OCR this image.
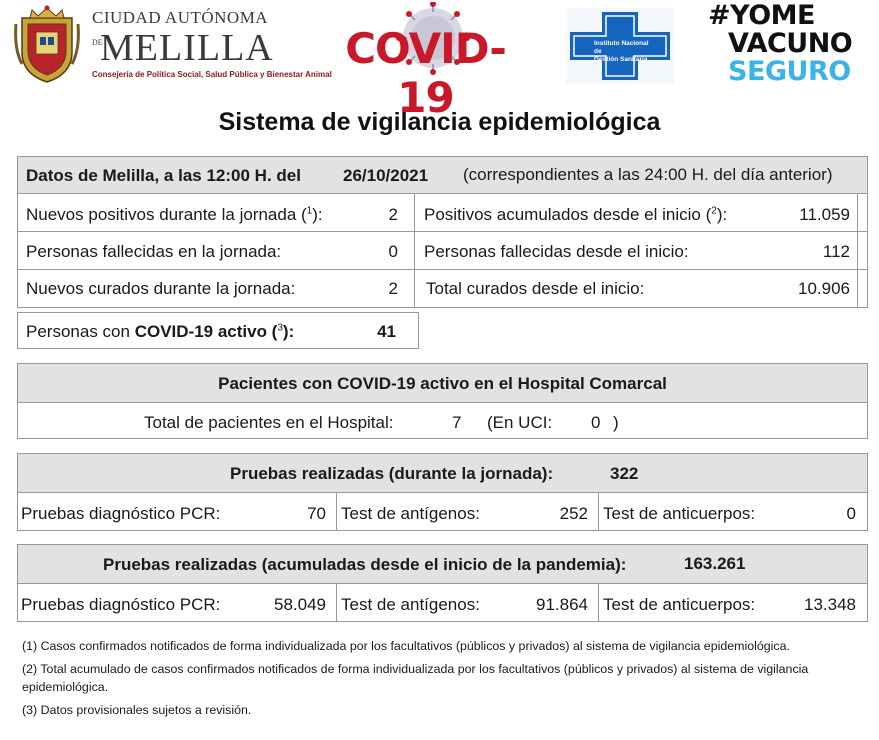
CIUDAD AUTÓNOMA
DE
MELILLA
Consejería de Política Social, Salud Pública y Bienestar Animal
COVID-19
Instituto Nacional de
Gestión Sanitaria
#YOME
VACUNO
SEGURO
Sistema de vigilancia epidemiológica
Datos de Melilla, a las 12:00 H. del 26/10/2021 (correspondientes a las 24:00 H. del día anterior)
Nuevos positivos durante la jornada ($^1$):	2 Positivos acumulados desde el inicio ($^2$):	11.059
Personas fallecidas en la jornada:	0 Personas fallecidas desde el inicio:	112
Nuevos curados durante la jornada:	2 Total curados desde el inicio:	10.906
Personas con COVID-19 activo ($^3$):	41
Pacientes con COVID-19 activo en el Hospital Comarcal
Total de pacientes en el Hospital:	7 (En UCI: 0 )
Pruebas realizadas (durante la jornada):	322
Pruebas diagnóstico PCR:	70 Test de antígenos:	252 Test de anticuerpos:	0
Pruebas realizadas (acumuladas desde el inicio de la pandemia):	163.261
Pruebas diagnóstico PCR:	58.049 Test de antígenos:	91.864 Test de anticuerpos:	13.348

(1) Casos confirmados notificados de forma individualizada por los facultativos (públicos y privados) al sistema de vigilancia epidemiológica.

(2) Total acumulado de casos confirmados notificados de forma individualizada por los facultativos (públicos y privados) al sistema de vigilancia epidemiológica.

(3) Datos provisionales sujetos a revisión.
